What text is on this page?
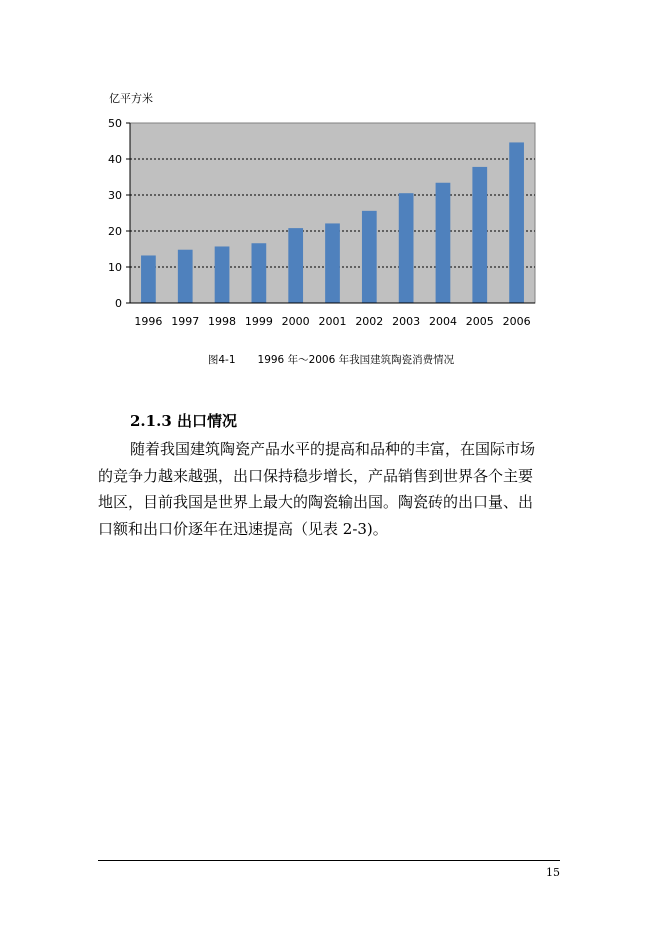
亿平方米
0
10
20
30
40
50
1996 1997 1998 1999 2000 2001 2002 2003 2004 2005 2006
图4-1 1996 年～2006 年我国建筑陶瓷消费情况
2.1.3 出口情况
随着我国建筑陶瓷产品水平的提高和品种的丰富，在国际市场
的竞争力越来越强，出口保持稳步增长，产品销售到世界各个主要
地区，目前我国是世界上最大的陶瓷输出国。陶瓷砖的出口量、出
口额和出口价逐年在迅速提高（见表 2-3)。
15
